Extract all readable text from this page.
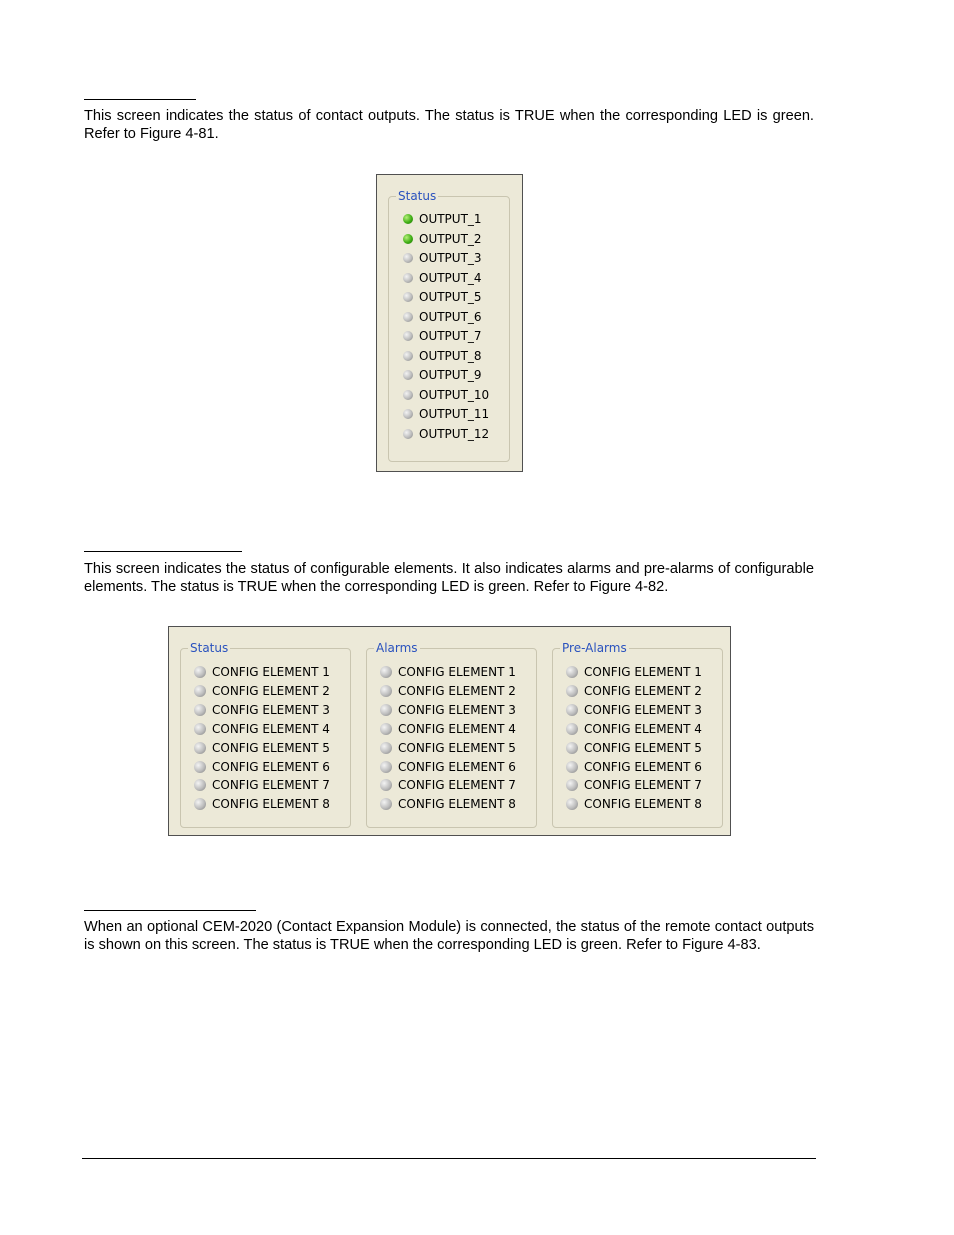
This screen indicates the status of contact outputs. The status is TRUE when the corresponding LED is green. Refer to Figure 4-81.

Status
OUTPUT_1
OUTPUT_2
OUTPUT_3
OUTPUT_4
OUTPUT_5
OUTPUT_6
OUTPUT_7
OUTPUT_8
OUTPUT_9
OUTPUT_10
OUTPUT_11
OUTPUT_12

This screen indicates the status of configurable elements. It also indicates alarms and pre-alarms of configurable elements. The status is TRUE when the corresponding LED is green. Refer to Figure 4-82.

Status
CONFIG ELEMENT 1
CONFIG ELEMENT 2
CONFIG ELEMENT 3
CONFIG ELEMENT 4
CONFIG ELEMENT 5
CONFIG ELEMENT 6
CONFIG ELEMENT 7
CONFIG ELEMENT 8
Alarms
CONFIG ELEMENT 1
CONFIG ELEMENT 2
CONFIG ELEMENT 3
CONFIG ELEMENT 4
CONFIG ELEMENT 5
CONFIG ELEMENT 6
CONFIG ELEMENT 7
CONFIG ELEMENT 8
Pre-Alarms
CONFIG ELEMENT 1
CONFIG ELEMENT 2
CONFIG ELEMENT 3
CONFIG ELEMENT 4
CONFIG ELEMENT 5
CONFIG ELEMENT 6
CONFIG ELEMENT 7
CONFIG ELEMENT 8

When an optional CEM-2020 (Contact Expansion Module) is connected, the status of the remote contact outputs is shown on this screen. The status is TRUE when the corresponding LED is green. Refer to Figure 4-83.
